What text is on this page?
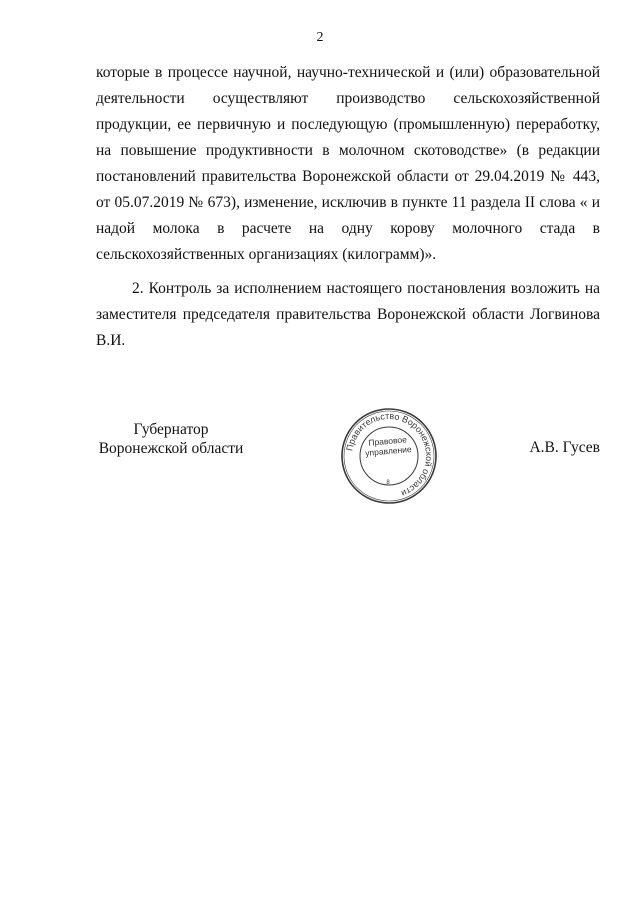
2

которые в процессе научной, научно-технической и (или) образовательной деятельности осуществляют производство сельскохозяйственной продукции, ее первичную и последующую (промышленную) переработку, на повышение продуктивности в молочном скотоводстве» (в редакции постановлений правительства Воронежской области от 29.04.2019 № 443, от 05.07.2019 № 673), изменение, исключив в пункте 11 раздела II слова « и надой молока в расчете на одну корову молочного стада в сельскохозяйственных организациях (килограмм)».

2. Контроль за исполнением настоящего постановления возложить на заместителя председателя правительства Воронежской области Логвинова В.И.

Губернатор
Воронежской области	Правительство Воронежской области
Правовое
управление
8
А.В. Гусев
